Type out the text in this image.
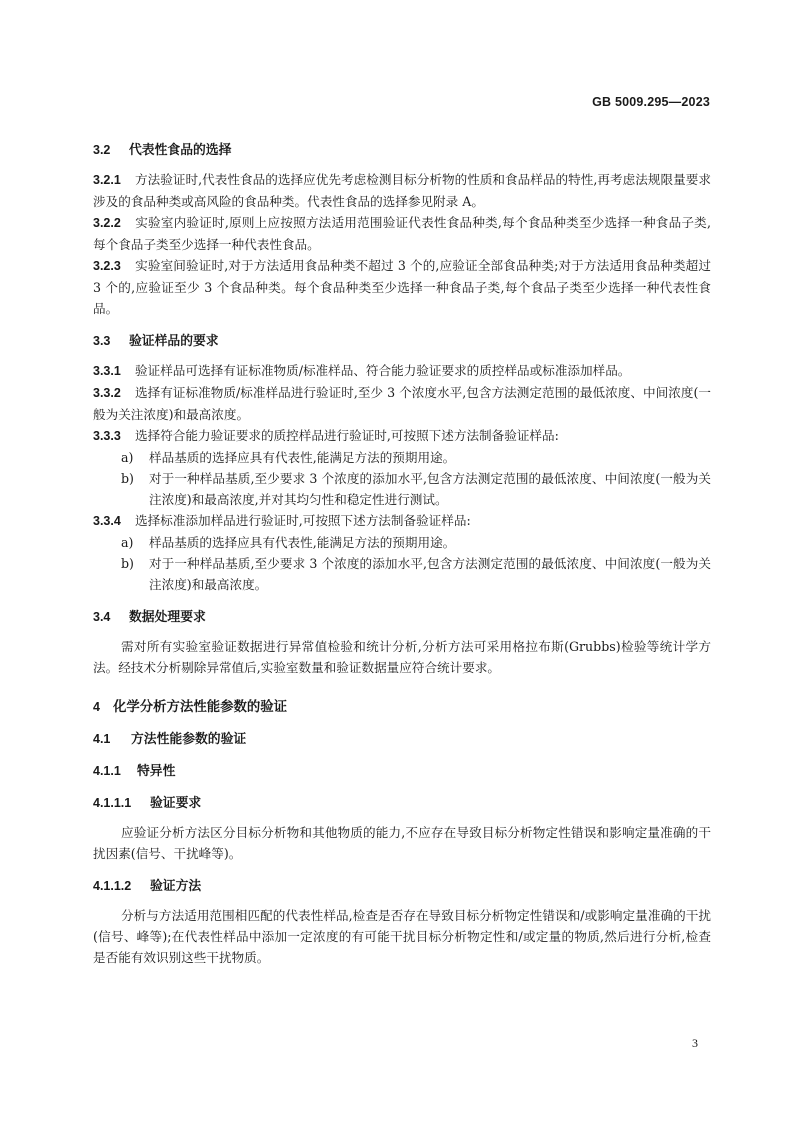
GB 5009.295—2023

3.2 代表性食品的选择

3.2.1 方法验证时,代表性食品的选择应优先考虑检测目标分析物的性质和食品样品的特性,再考虑法规限量要求涉及的食品种类或高风险的食品种类。代表性食品的选择参见附录 A。

3.2.2 实验室内验证时,原则上应按照方法适用范围验证代表性食品种类,每个食品种类至少选择一种食品子类,每个食品子类至少选择一种代表性食品。

3.2.3 实验室间验证时,对于方法适用食品种类不超过 3 个的,应验证全部食品种类;对于方法适用食品种类超过 3 个的,应验证至少 3 个食品种类。每个食品种类至少选择一种食品子类,每个食品子类至少选择一种代表性食品。

3.3 验证样品的要求

3.3.1 验证样品可选择有证标准物质/标准样品、符合能力验证要求的质控样品或标准添加样品。

3.3.2 选择有证标准物质/标准样品进行验证时,至少 3 个浓度水平,包含方法测定范围的最低浓度、中间浓度(一般为关注浓度)和最高浓度。

3.3.3 选择符合能力验证要求的质控样品进行验证时,可按照下述方法制备验证样品:

a)	样品基质的选择应具有代表性,能满足方法的预期用途。
b)	对于一种样品基质,至少要求 3 个浓度的添加水平,包含方法测定范围的最低浓度、中间浓度(一般为关注浓度)和最高浓度,并对其均匀性和稳定性进行测试。

3.3.4 选择标准添加样品进行验证时,可按照下述方法制备验证样品:

a)	样品基质的选择应具有代表性,能满足方法的预期用途。
b)	对于一种样品基质,至少要求 3 个浓度的添加水平,包含方法测定范围的最低浓度、中间浓度(一般为关注浓度)和最高浓度。

3.4 数据处理要求

需对所有实验室验证数据进行异常值检验和统计分析,分析方法可采用格拉布斯(Grubbs)检验等统计学方法。经技术分析剔除异常值后,实验室数量和验证数据量应符合统计要求。

4 化学分析方法性能参数的验证

4.1 方法性能参数的验证

4.1.1 特异性

4.1.1.1 验证要求

应验证分析方法区分目标分析物和其他物质的能力,不应存在导致目标分析物定性错误和影响定量准确的干扰因素(信号、干扰峰等)。

4.1.1.2 验证方法

分析与方法适用范围相匹配的代表性样品,检查是否存在导致目标分析物定性错误和/或影响定量准确的干扰(信号、峰等);在代表性样品中添加一定浓度的有可能干扰目标分析物定性和/或定量的物质,然后进行分析,检查是否能有效识别这些干扰物质。

3
